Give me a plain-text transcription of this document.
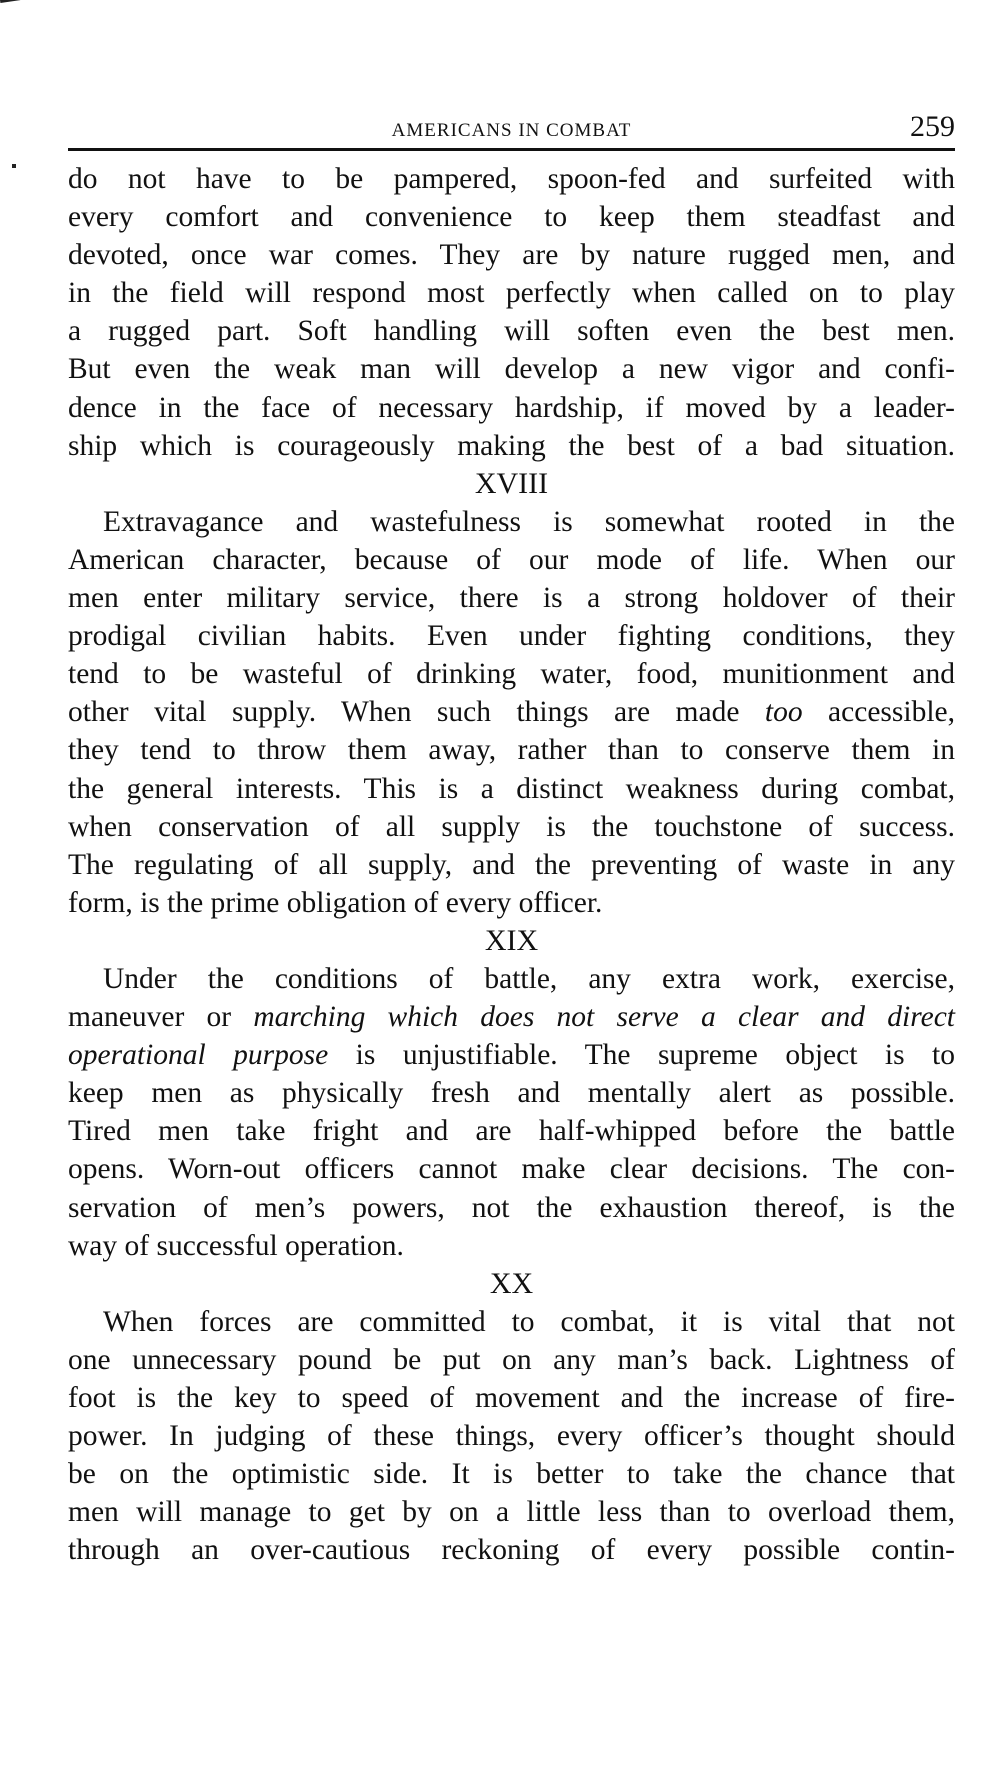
AMERICANS IN COMBAT	259
do not have to be pampered, spoon-fed and surfeited with
every comfort and convenience to keep them steadfast and
devoted, once war comes. They are by nature rugged men, and
in the field will respond most perfectly when called on to play
a rugged part. Soft handling will soften even the best men.
But even the weak man will develop a new vigor and confi-
dence in the face of necessary hardship, if moved by a leader-
ship which is courageously making the best of a bad situation.
XVIII
Extravagance and wastefulness is somewhat rooted in the
American character, because of our mode of life. When our
men enter military service, there is a strong holdover of their
prodigal civilian habits. Even under fighting conditions, they
tend to be wasteful of drinking water, food, munitionment and
other vital supply. When such things are made too accessible,
they tend to throw them away, rather than to conserve them in
the general interests. This is a distinct weakness during combat,
when conservation of all supply is the touchstone of success.
The regulating of all supply, and the preventing of waste in any
form, is the prime obligation of every officer.
XIX
Under the conditions of battle, any extra work, exercise,
maneuver or marching which does not serve a clear and direct
operational purpose is unjustifiable. The supreme object is to
keep men as physically fresh and mentally alert as possible.
Tired men take fright and are half-whipped before the battle
opens. Worn-out officers cannot make clear decisions. The con-
servation of men’s powers, not the exhaustion thereof, is the
way of successful operation.
XX
When forces are committed to combat, it is vital that not
one unnecessary pound be put on any man’s back. Lightness of
foot is the key to speed of movement and the increase of fire-
power. In judging of these things, every officer’s thought should
be on the optimistic side. It is better to take the chance that
men will manage to get by on a little less than to overload them,
through an over-cautious reckoning of every possible contin-
